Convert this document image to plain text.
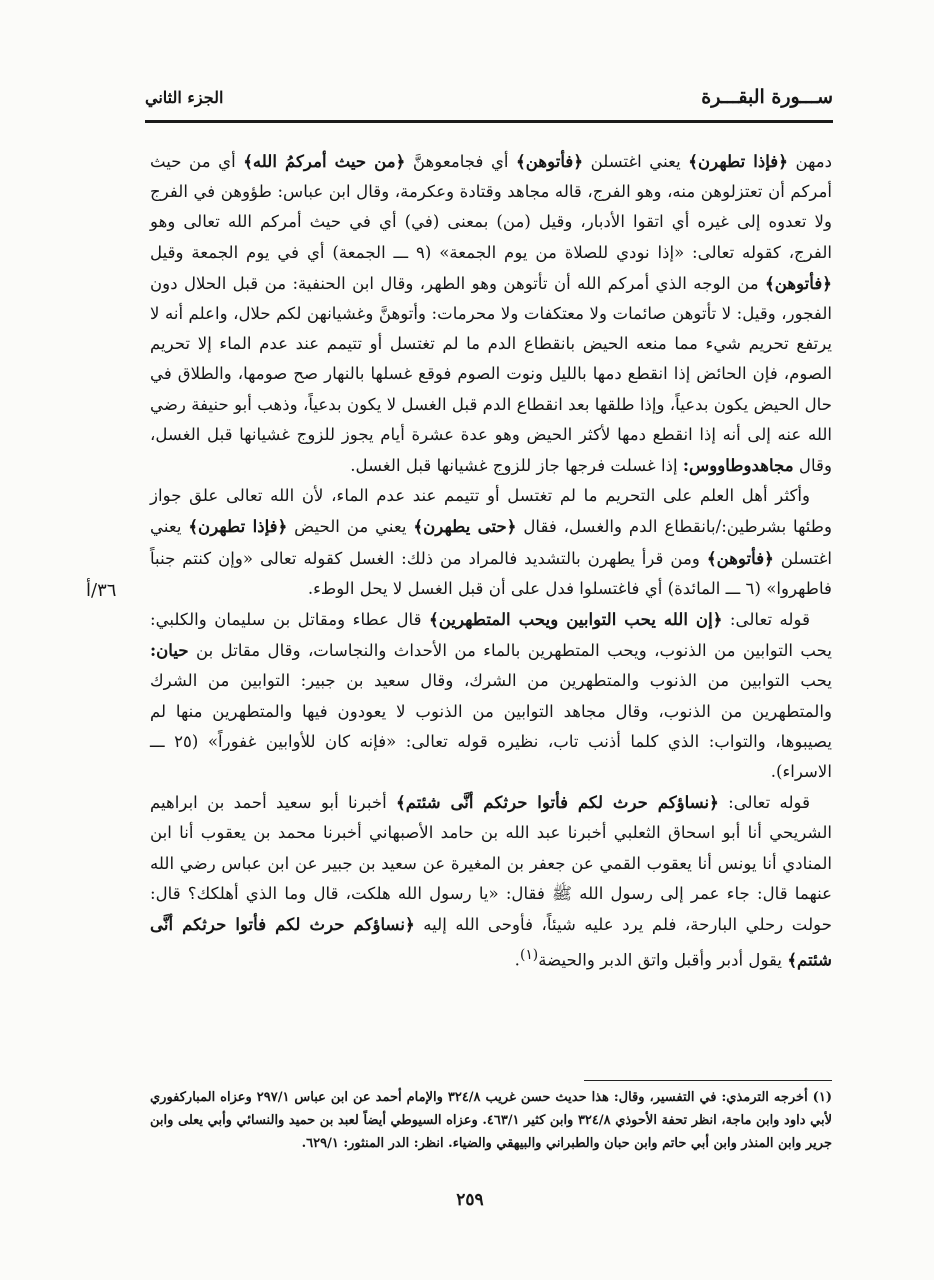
ســـورة البقـــرة
الجزء الثاني
٣٦/أ

دمهن ﴿فإذا تطهرن﴾ يعني اغتسلن ﴿فأتوهن﴾ أي فجامعوهنَّ ﴿من حيث أمركمُ الله﴾ أي من حيث أمركم أن تعتزلوهن منه، وهو الفرج، قاله مجاهد وقتادة وعكرمة، وقال ابن عباس: طؤوهن في الفرج ولا تعدوه إلى غيره أي اتقوا الأدبار، وقيل (من) بمعنى (في) أي في حيث أمركم الله تعالى وهو الفرج، كقوله تعالى: «إذا نودي للصلاة من يوم الجمعة» (٩ ـــ الجمعة) أي في يوم الجمعة وقيل ﴿فأتوهن﴾ من الوجه الذي أمركم الله أن تأتوهن وهو الطهر، وقال ابن الحنفية: من قبل الحلال دون الفجور، وقيل: لا تأتوهن صائمات ولا معتكفات ولا محرمات: وأتوهنَّ وغشيانهن لكم حلال، واعلم أنه لا يرتفع تحريم شيء مما منعه الحيض بانقطاع الدم ما لم تغتسل أو تتيمم عند عدم الماء إلا تحريم الصوم، فإن الحائض إذا انقطع دمها بالليل ونوت الصوم فوقع غسلها بالنهار صح صومها، والطلاق في حال الحيض يكون بدعياً، وإذا طلقها بعد انقطاع الدم قبل الغسل لا يكون بدعياً، وذهب أبو حنيفة رضي الله عنه إلى أنه إذا انقطع دمها لأكثر الحيض وهو عدة عشرة أيام يجوز للزوج غشيانها قبل الغسل، وقال مجاهدوطاووس: إذا غسلت فرجها جاز للزوج غشيانها قبل الغسل.

وأكثر أهل العلم على التحريم ما لم تغتسل أو تتيمم عند عدم الماء، لأن الله تعالى علق جواز وطئها بشرطين:/بانقطاع الدم والغسل، فقال ﴿حتى يطهرن﴾ يعني من الحيض ﴿فإذا تطهرن﴾ يعني اغتسلن ﴿فأتوهن﴾ ومن قرأ يطهرن بالتشديد فالمراد من ذلك: الغسل كقوله تعالى «وإن كنتم جنباً فاطهروا» (٦ ـــ المائدة) أي فاغتسلوا فدل على أن قبل الغسل لا يحل الوطء.

قوله تعالى: ﴿إن الله يحب التوابين ويحب المتطهرين﴾ قال عطاء ومقاتل بن سليمان والكلبي: يحب التوابين من الذنوب، ويحب المتطهرين بالماء من الأحداث والنجاسات، وقال مقاتل بن حيان: يحب التوابين من الذنوب والمتطهرين من الشرك، وقال سعيد بن جبير: التوابين من الشرك والمتطهرين من الذنوب، وقال مجاهد التوابين من الذنوب لا يعودون فيها والمتطهرين منها لم يصيبوها، والتواب: الذي كلما أذنب تاب، نظيره قوله تعالى: «فإنه كان للأوابين غفوراً» (٢٥ ـــ الاسراء).

قوله تعالى: ﴿نساؤكم حرث لكم فأتوا حرثكم أنَّى شئتم﴾ أخبرنا أبو سعيد أحمد بن ابراهيم الشريحي أنا أبو اسحاق الثعلبي أخبرنا عبد الله بن حامد الأصبهاني أخبرنا محمد بن يعقوب أنا ابن المنادي أنا يونس أنا يعقوب القمي عن جعفر بن المغيرة عن سعيد بن جبير عن ابن عباس رضي الله عنهما قال: جاء عمر إلى رسول الله ﷺ فقال: «يا رسول الله هلكت، قال وما الذي أهلكك؟ قال: حولت رحلي البارحة، فلم يرد عليه شيئاً، فأوحى الله إليه ﴿نساؤكم حرث لكم فأتوا حرثكم أنَّى شئتم﴾ يقول أدبر وأقبل واتق الدبر والحيضة$^{(١)}$.

(١) أخرجه الترمذي: في التفسير، وقال: هذا حديث حسن غريب ٣٢٤/٨ والإمام أحمد عن ابن عباس ٢٩٧/١ وعزاه المباركفوري لأبي داود وابن ماجة، انظر تحفة الأحوذي ٣٢٤/٨ وابن كثير ٤٦٣/١. وعزاه السيوطي أيضاً لعبد بن حميد والنسائي وأبي يعلى وابن جرير وابن المنذر وابن أبي حاتم وابن حبان والطبراني والبيهقي والضياء. انظر: الدر المنثور: ٦٢٩/١.
٢٥٩
